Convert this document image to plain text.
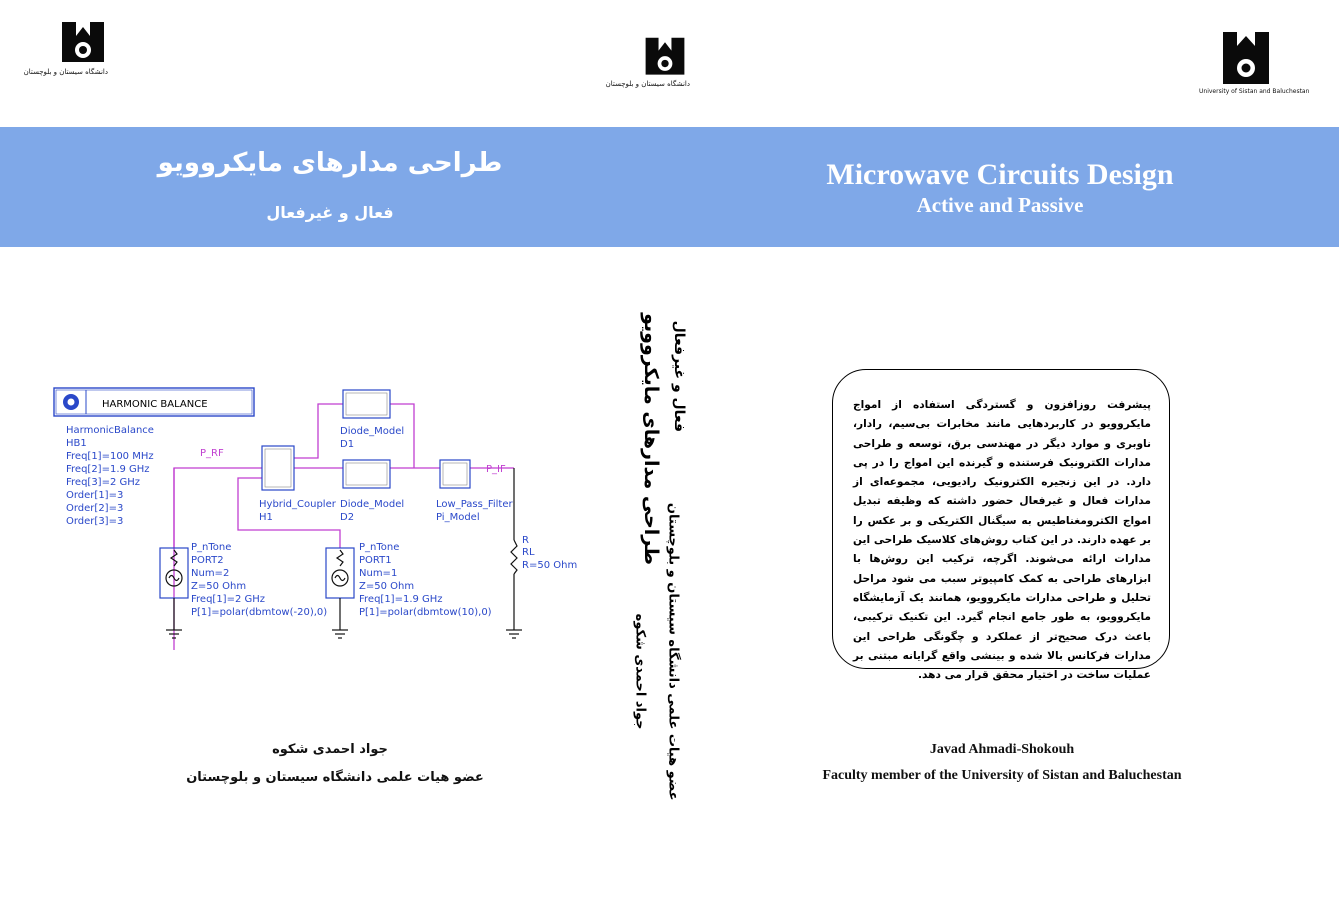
دانشگاه سیستان و بلوچستان
دانشگاه سیستان و بلوچستان
University of Sistan and Baluchestan
طراحی مدارهای مایکروویو
فعال و غیرفعال
Microwave Circuits Design
Active and Passive
طراحی مدارهای مایکروویو فعال و غیرفعال
جواد احمدی شکوه عضو هیات علمی دانشگاه سیستان و بلوچستان
پیشرفت روزافزون و گستردگی استفاده از امواج مایکروویو در کاربردهایی مانند مخابرات بی‌سیم، رادار، ناوبری و موارد دیگر در مهندسی برق، توسعه و طراحی مدارات الکترونیک فرستنده و گیرنده این امواج را در پی دارد. در این زنجیره الکترونیک رادیویی، مجموعه‌ای از مدارات فعال و غیرفعال حضور داشته که وظیفه تبدیل امواج الکترومغناطیس به سیگنال الکتریکی و بر عکس را بر عهده دارند. در این کتاب روش‌های کلاسیک طراحی این مدارات ارائه می‌شوند. اگرچه، ترکیب این روش‌ها با ابزارهای طراحی به کمک کامپیوتر سبب می شود مراحل تحلیل و طراحی مدارات مایکروویو، همانند یک آزمایشگاه مایکروویو، به طور جامع انجام گیرد. این تکنیک ترکیبی، باعث درک صحیح‌تر از عملکرد و چگونگی طراحی این مدارات فرکانس بالا شده و بینشی واقع گرایانه مبتنی بر عملیات ساخت در اختیار محقق قرار می دهد.
Javad Ahmadi-Shokouh
Faculty member of the University of Sistan and Baluchestan
جواد احمدی شکوه
عضو هیات علمی دانشگاه سیستان و بلوچستان
HARMONIC BALANCE
HarmonicBalance
HB1
Freq[1]=100 MHz
Freq[2]=1.9 GHz
Freq[3]=2 GHz
Order[1]=3
Order[2]=3
Order[3]=3
P_RF
P_IF
Hybrid_Coupler
H1
Diode_Model
D1
Diode_Model
D2
Low_Pass_Filter
Pi_Model
R
RL
R=50 Ohm
P_nTone
PORT2
Num=2
Z=50 Ohm
Freq[1]=2 GHz
P[1]=polar(dbmtow(-20),0)
P_nTone
PORT1
Num=1
Z=50 Ohm
Freq[1]=1.9 GHz
P[1]=polar(dbmtow(10),0)
